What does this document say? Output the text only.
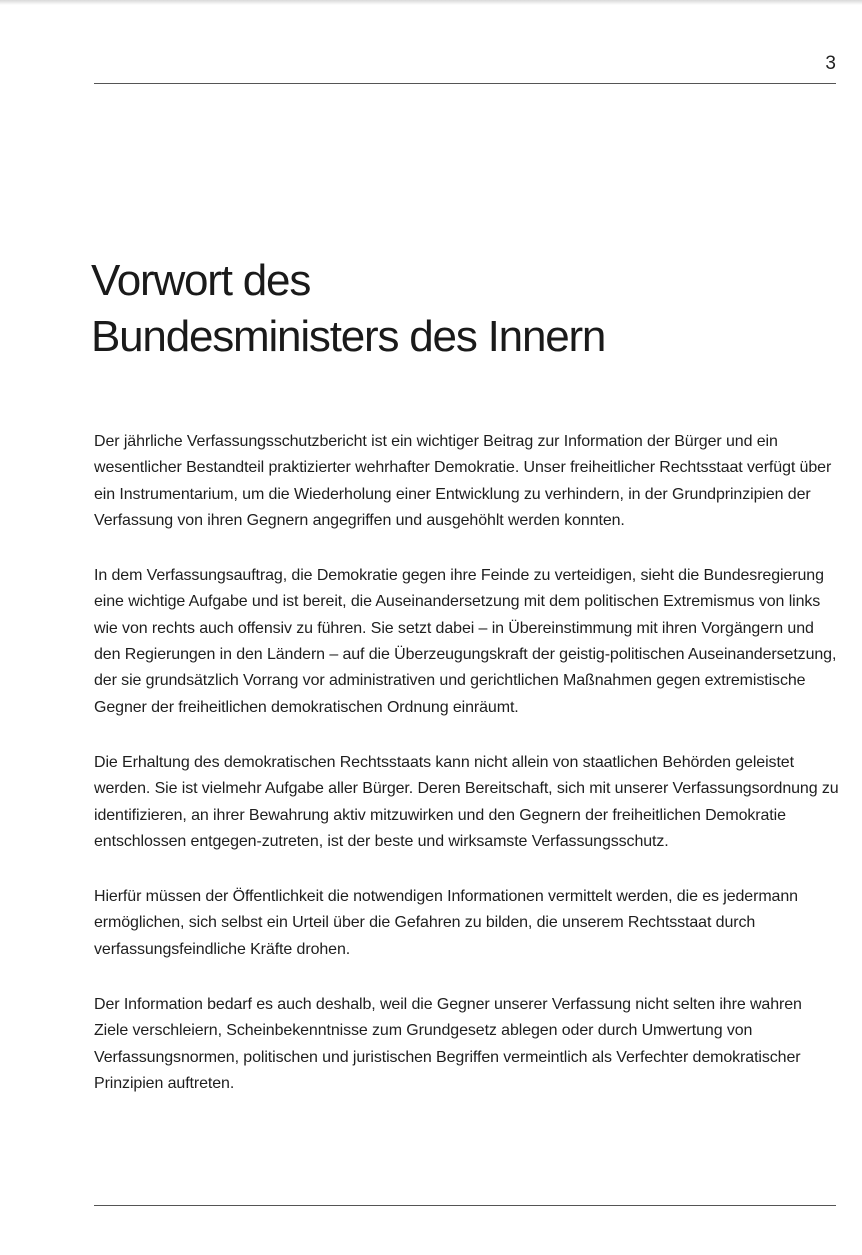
3
Vorwort des
Bundesministers des Innern

Der jährliche Verfassungsschutzbericht ist ein wichtiger Beitrag zur Information der Bürger und ein wesentlicher Bestandteil praktizierter wehrhafter Demokratie. Unser freiheitlicher Rechtsstaat verfügt über ein Instrumentarium, um die Wiederholung einer Entwicklung zu verhindern, in der Grundprinzipien der Verfassung von ihren Gegnern angegriffen und ausgehöhlt werden konnten.

In dem Verfassungsauftrag, die Demokratie gegen ihre Feinde zu verteidigen, sieht die Bundesregierung eine wichtige Aufgabe und ist bereit, die Auseinandersetzung mit dem politischen Extremismus von links wie von rechts auch offensiv zu führen. Sie setzt dabei – in Übereinstimmung mit ihren Vorgängern und den Regierungen in den Ländern – auf die Überzeugungskraft der geistig-politischen Auseinandersetzung, der sie grundsätzlich Vorrang vor administrativen und gerichtlichen Maßnahmen gegen extremistische Gegner der freiheitlichen demokratischen Ordnung einräumt.

Die Erhaltung des demokratischen Rechtsstaats kann nicht allein von staatlichen Behörden geleistet werden. Sie ist vielmehr Aufgabe aller Bürger. Deren Bereitschaft, sich mit unserer Verfassungsordnung zu identifizieren, an ihrer Bewahrung aktiv mitzuwirken und den Gegnern der freiheitlichen Demokratie entschlossen entgegen-zutreten, ist der beste und wirksamste Verfassungsschutz.

Hierfür müssen der Öffentlichkeit die notwendigen Informationen vermittelt werden, die es jedermann ermöglichen, sich selbst ein Urteil über die Gefahren zu bilden, die unserem Rechtsstaat durch verfassungsfeindliche Kräfte drohen.

Der Information bedarf es auch deshalb, weil die Gegner unserer Verfassung nicht selten ihre wahren Ziele verschleiern, Scheinbekenntnisse zum Grundgesetz ablegen oder durch Umwertung von Verfassungsnormen, politischen und juristischen Begriffen vermeintlich als Verfechter demokratischer Prinzipien auftreten.
